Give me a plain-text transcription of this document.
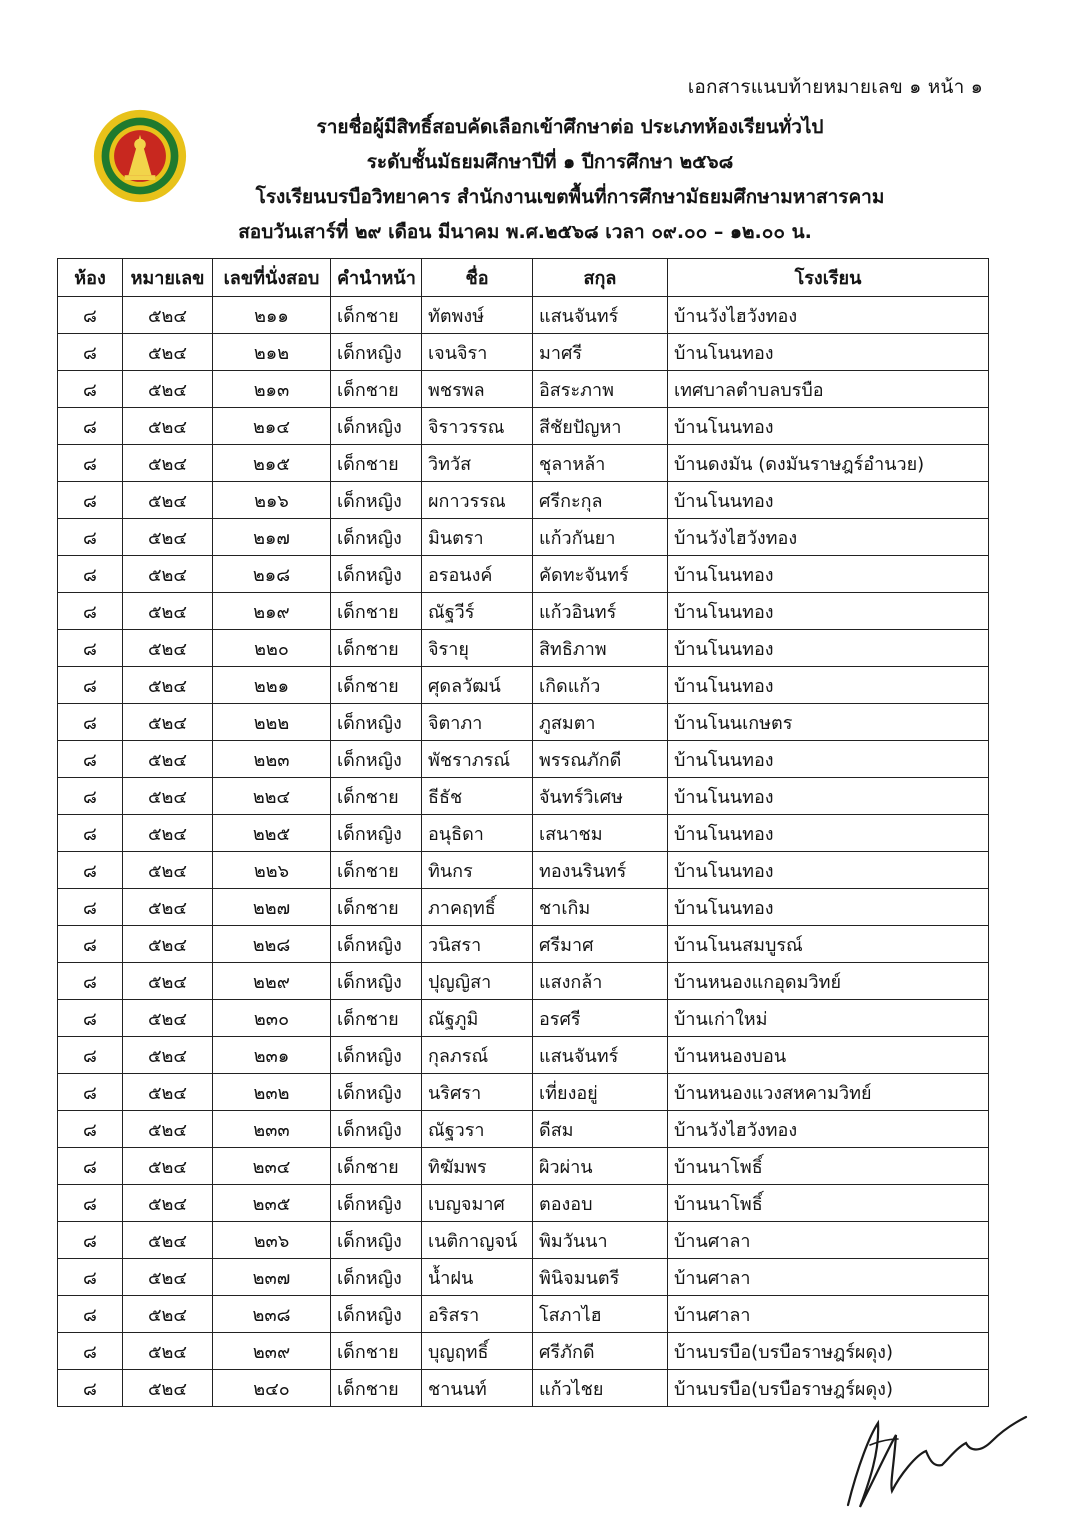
เอกสารแนบท้ายหมายเลข ๑ หน้า ๑
รายชื่อผู้มีสิทธิ์สอบคัดเลือกเข้าศึกษาต่อ ประเภทห้องเรียนทั่วไป
ระดับชั้นมัธยมศึกษาปีที่ ๑ ปีการศึกษา ๒๕๖๘
โรงเรียนบรบือวิทยาคาร สำนักงานเขตพื้นที่การศึกษามัธยมศึกษามหาสารคาม
สอบวันเสาร์ที่ ๒๙ เดือน มีนาคม พ.ศ.๒๕๖๘ เวลา ๐๙.๐๐ – ๑๒.๐๐ น.
ห้อง	หมายเลข	เลขที่นั่งสอบ	คำนำหน้า	ชื่อ	สกุล	โรงเรียน
๘	๕๒๔	๒๑๑	เด็กชาย	ทัตพงษ์	แสนจันทร์	บ้านวังไฮวังทอง
๘	๕๒๔	๒๑๒	เด็กหญิง	เจนจิรา	มาศรี	บ้านโนนทอง
๘	๕๒๔	๒๑๓	เด็กชาย	พชรพล	อิสระภาพ	เทศบาลตำบลบรบือ
๘	๕๒๔	๒๑๔	เด็กหญิง	จิราวรรณ	สีชัยปัญหา	บ้านโนนทอง
๘	๕๒๔	๒๑๕	เด็กชาย	วิทวัส	ชุลาหล้า	บ้านดงมัน (ดงมันราษฎร์อำนวย)
๘	๕๒๔	๒๑๖	เด็กหญิง	ผกาวรรณ	ศรีกะกุล	บ้านโนนทอง
๘	๕๒๔	๒๑๗	เด็กหญิง	มินตรา	แก้วกันยา	บ้านวังไฮวังทอง
๘	๕๒๔	๒๑๘	เด็กหญิง	อรอนงค์	คัดทะจันทร์	บ้านโนนทอง
๘	๕๒๔	๒๑๙	เด็กชาย	ณัฐวีร์	แก้วอินทร์	บ้านโนนทอง
๘	๕๒๔	๒๒๐	เด็กชาย	จิรายุ	สิทธิภาพ	บ้านโนนทอง
๘	๕๒๔	๒๒๑	เด็กชาย	ศุดลวัฒน์	เกิดแก้ว	บ้านโนนทอง
๘	๕๒๔	๒๒๒	เด็กหญิง	จิตาภา	ภูสมตา	บ้านโนนเกษตร
๘	๕๒๔	๒๒๓	เด็กหญิง	พัชราภรณ์	พรรณภักดี	บ้านโนนทอง
๘	๕๒๔	๒๒๔	เด็กชาย	ธีธัช	จันทร์วิเศษ	บ้านโนนทอง
๘	๕๒๔	๒๒๕	เด็กหญิง	อนุธิดา	เสนาชม	บ้านโนนทอง
๘	๕๒๔	๒๒๖	เด็กชาย	ทินกร	ทองนรินทร์	บ้านโนนทอง
๘	๕๒๔	๒๒๗	เด็กชาย	ภาคฤทธิ์	ชาเกิม	บ้านโนนทอง
๘	๕๒๔	๒๒๘	เด็กหญิง	วนิสรา	ศรีมาศ	บ้านโนนสมบูรณ์
๘	๕๒๔	๒๒๙	เด็กหญิง	ปุญญิสา	แสงกล้า	บ้านหนองแกอุดมวิทย์
๘	๕๒๔	๒๓๐	เด็กชาย	ณัฐภูมิ	อรศรี	บ้านเก่าใหม่
๘	๕๒๔	๒๓๑	เด็กหญิง	กุลภรณ์	แสนจันทร์	บ้านหนองบอน
๘	๕๒๔	๒๓๒	เด็กหญิง	นริศรา	เที่ยงอยู่	บ้านหนองแวงสหคามวิทย์
๘	๕๒๔	๒๓๓	เด็กหญิง	ณัฐวรา	ดีสม	บ้านวังไฮวังทอง
๘	๕๒๔	๒๓๔	เด็กชาย	ทิฆัมพร	ผิวผ่าน	บ้านนาโพธิ์
๘	๕๒๔	๒๓๕	เด็กหญิง	เบญจมาศ	ตองอบ	บ้านนาโพธิ์
๘	๕๒๔	๒๓๖	เด็กหญิง	เนติกาญจน์	พิมวันนา	บ้านศาลา
๘	๕๒๔	๒๓๗	เด็กหญิง	น้ำฝน	พินิจมนตรี	บ้านศาลา
๘	๕๒๔	๒๓๘	เด็กหญิง	อริสรา	โสภาไฮ	บ้านศาลา
๘	๕๒๔	๒๓๙	เด็กชาย	บุญฤทธิ์	ศรีภักดี	บ้านบรบือ(บรบือราษฎร์ผดุง)
๘	๕๒๔	๒๔๐	เด็กชาย	ชานนท์	แก้วไชย	บ้านบรบือ(บรบือราษฎร์ผดุง)
